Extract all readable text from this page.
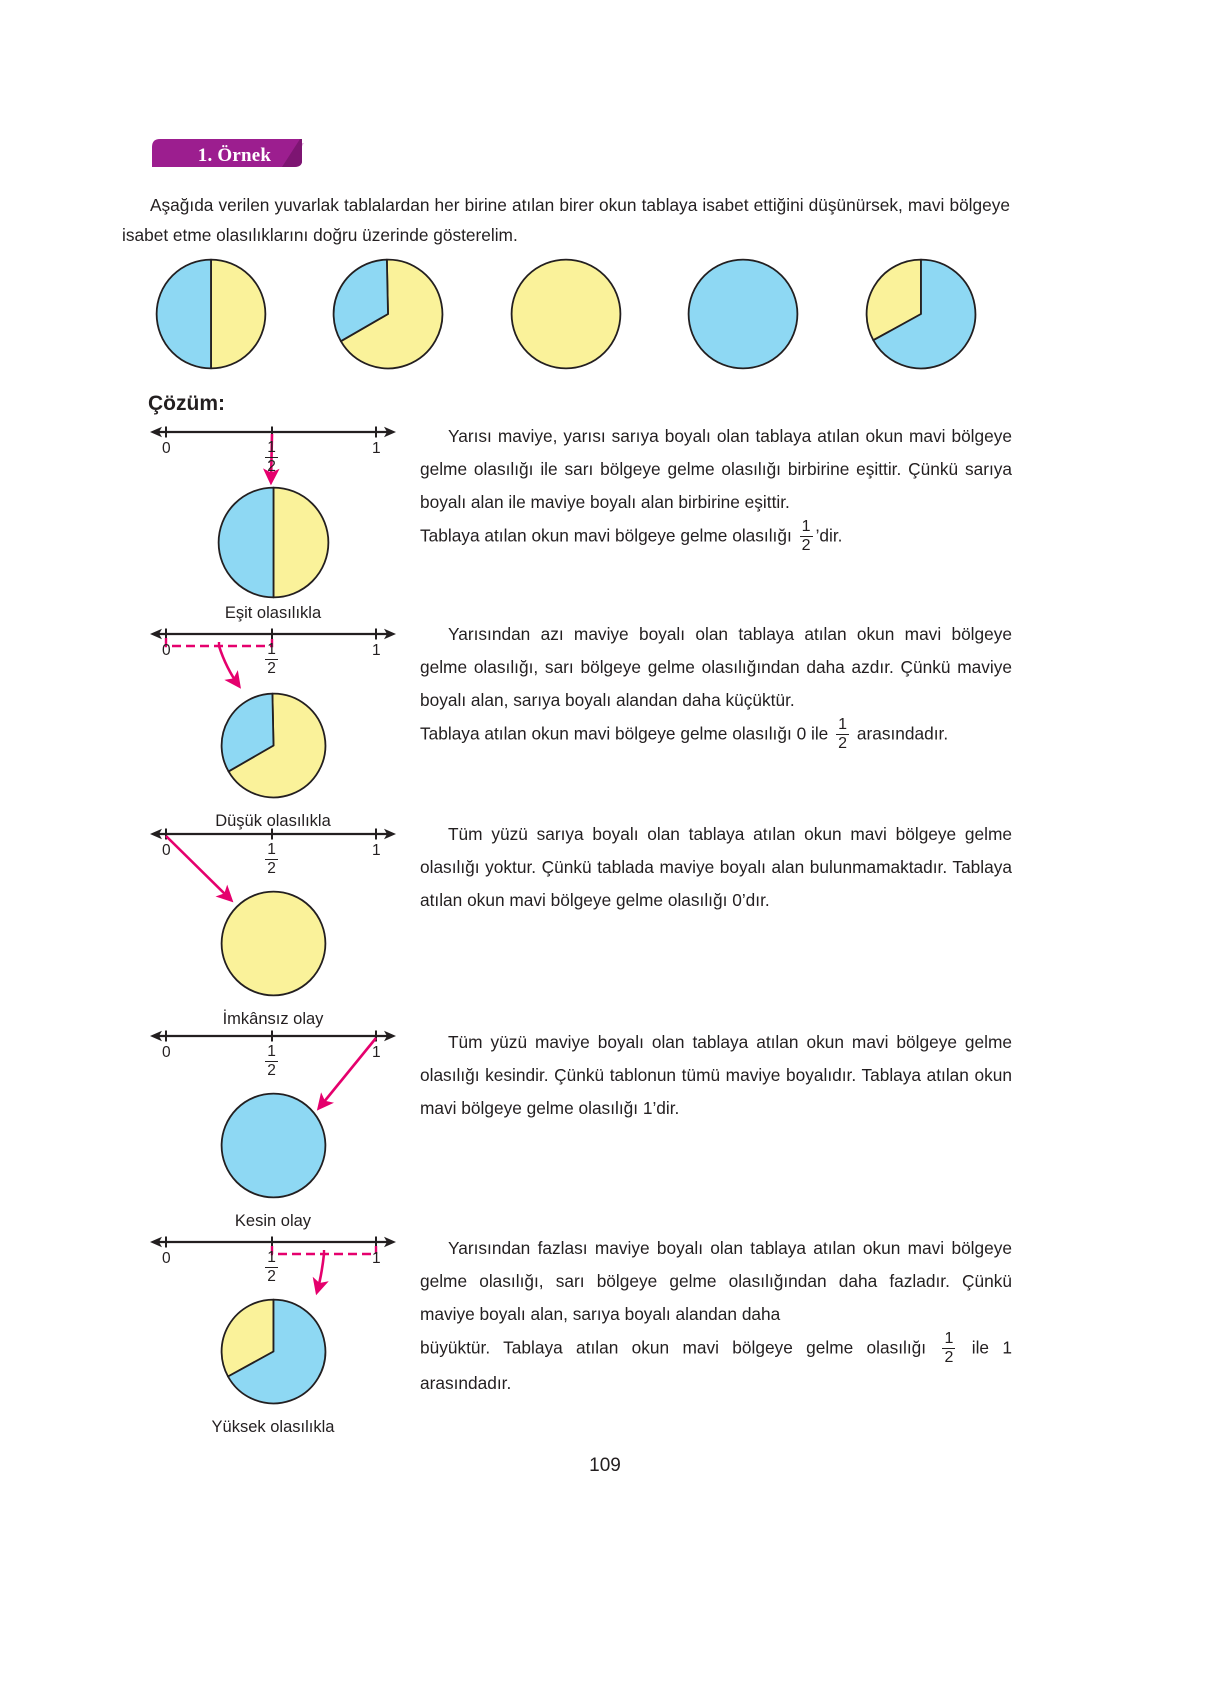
1. Örnek
Aşağıda verilen yuvarlak tablalardan her birine atılan birer okun tablaya isabet ettiğini düşünürsek, mavi bölgeye isabet etme olasılıklarını doğru üzerinde gösterelim.
Çözüm:
0	1
1
2
Eşit olasılıkla
0	1
1
2
Düşük olasılıkla
0	1
1
2
İmkânsız olay
0	1
1
2
Kesin olay
0	1
1
2
Yüksek olasılıkla
109
Yarısı maviye, yarısı sarıya boyalı olan tablaya atılan okun mavi bölgeye gelme olasılığı ile sarı bölgeye gelme olasılığı birbirine eşittir. Çünkü sarıya boyalı alan ile maviye boyalı alan birbirine eşittir.
Tablaya atılan okun mavi bölgeye gelme olasılığı $\frac{1}{2}$ ’dir.
Yarısından azı maviye boyalı olan tablaya atılan okun mavi bölgeye gelme olasılığı, sarı bölgeye gelme olasılığından daha azdır. Çünkü maviye boyalı alan, sarıya boyalı alandan daha küçüktür.
Tablaya atılan okun mavi bölgeye gelme olasılığı 0 ile $\frac{1}{2}$ arasındadır.
Tüm yüzü sarıya boyalı olan tablaya atılan okun mavi bölgeye gelme olasılığı yoktur. Çünkü tablada maviye boyalı alan bulunmamaktadır. Tablaya atılan okun mavi bölgeye gelme olasılığı 0’dır.
Tüm yüzü maviye boyalı olan tablaya atılan okun mavi bölgeye gelme olasılığı kesindir. Çünkü tablonun tümü maviye boyalıdır. Tablaya atılan okun mavi bölgeye gelme olasılığı 1’dir.
Yarısından fazlası maviye boyalı olan tablaya atılan okun mavi bölgeye gelme olasılığı, sarı bölgeye gelme olasılığından daha fazladır. Çünkü maviye boyalı alan, sarıya boyalı alandan daha
büyüktür. Tablaya atılan okun mavi bölgeye gelme olasılığı $\frac{1}{2}$ ile 1 arasındadır.
